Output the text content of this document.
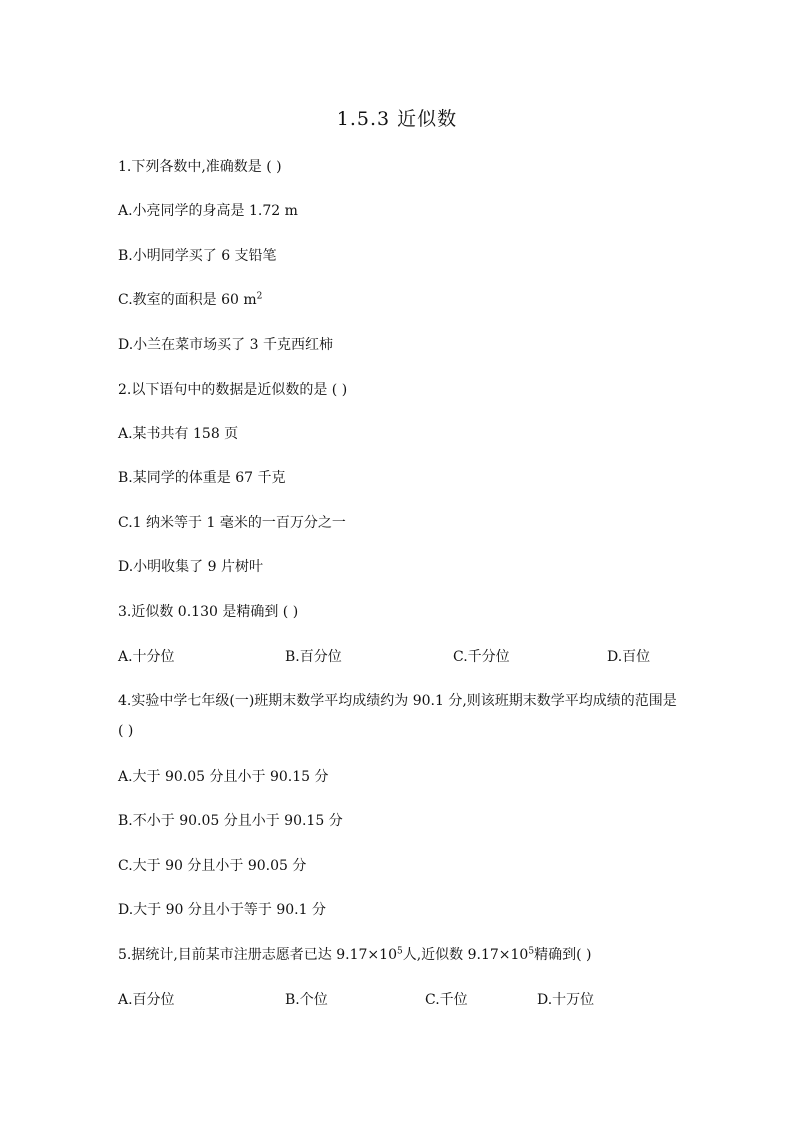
1.5.3 近似数
1.下列各数中,准确数是 ( )
A.小亮同学的身高是 1.72 m
B.小明同学买了 6 支铅笔
C.教室的面积是 60 $m^2$
D.小兰在菜市场买了 3 千克西红柿
2.以下语句中的数据是近似数的是 ( )
A.某书共有 158 页
B.某同学的体重是 67 千克
C.1 纳米等于 1 毫米的一百万分之一
D.小明收集了 9 片树叶
3.近似数 0.130 是精确到 ( )
A.十分位	B.百分位	C.千分位	D.百位
4.实验中学七年级(一)班期末数学平均成绩约为 90.1 分,则该班期末数学平均成绩的范围是
( )
A.大于 90.05 分且小于 90.15 分
B.不小于 90.05 分且小于 90.15 分
C.大于 90 分且小于 90.05 分
D.大于 90 分且小于等于 90.1 分
5.据统计,目前某市注册志愿者已达 $9.17\times 10^5$人,近似数 $9.17\times 10^5$精确到( )
A.百分位	B.个位	C.千位	D.十万位
